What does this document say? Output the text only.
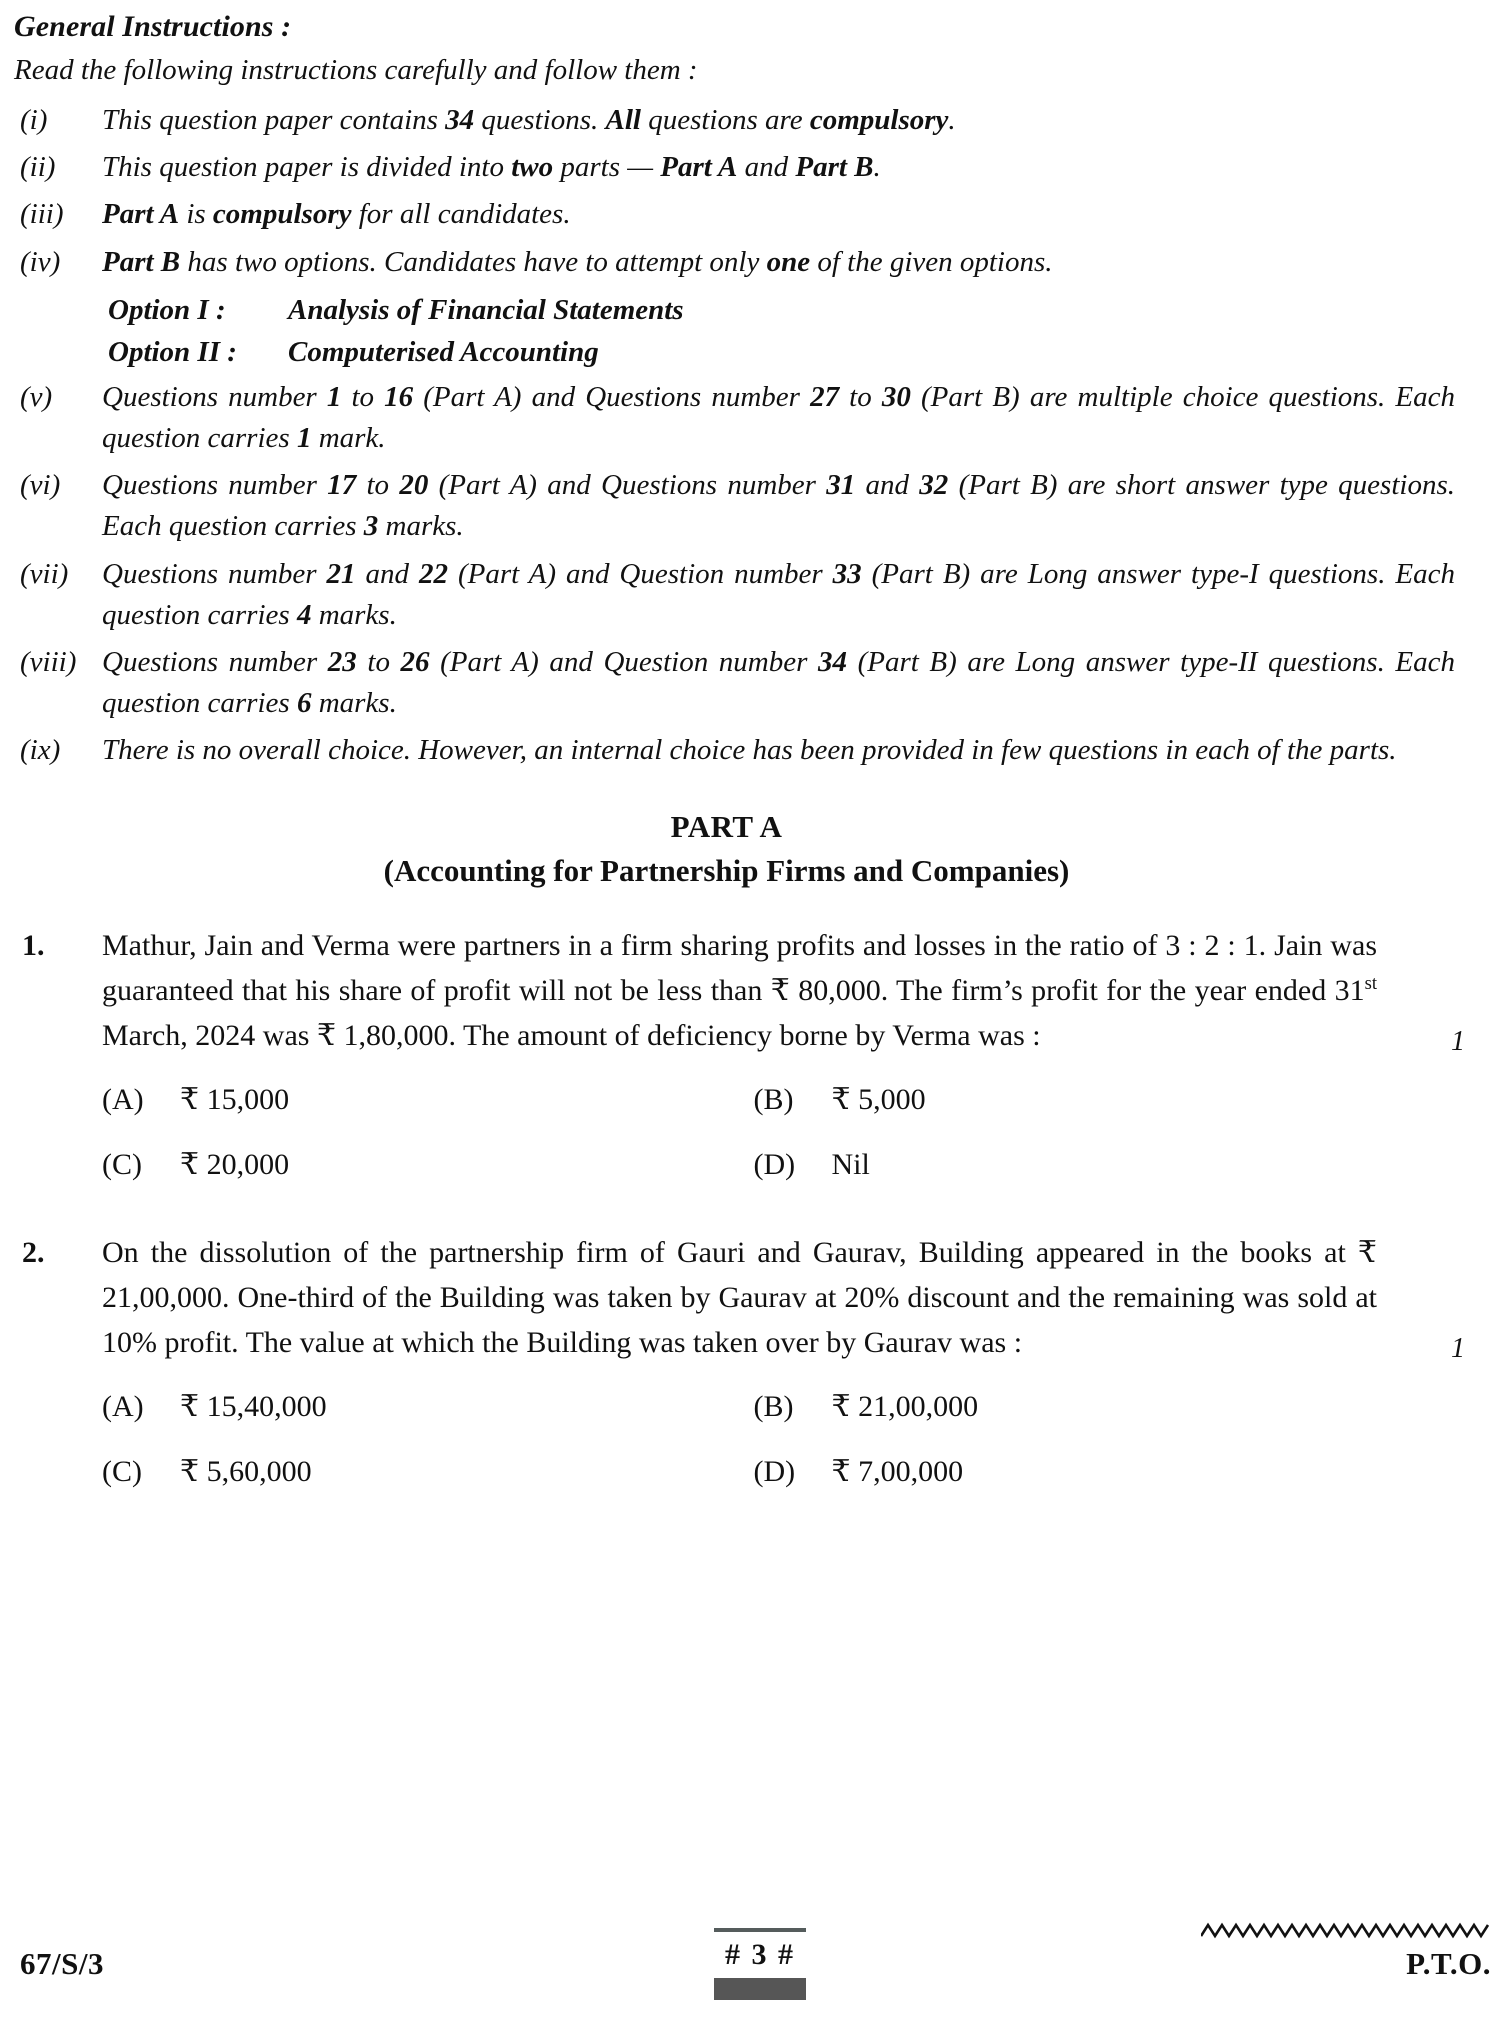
General Instructions :
Read the following instructions carefully and follow them :
(i)	This question paper contains 34 questions. All questions are compulsory.
(ii)	This question paper is divided into two parts — Part A and Part B.
(iii)	Part A is compulsory for all candidates.
(iv)	Part B has two options. Candidates have to attempt only one of the given options.
Option I :	Analysis of Financial Statements
Option II :	Computerised Accounting
(v)	Questions number 1 to 16 (Part A) and Questions number 27 to 30 (Part B) are multiple choice questions. Each question carries 1 mark.
(vi)	Questions number 17 to 20 (Part A) and Questions number 31 and 32 (Part B) are short answer type questions. Each question carries 3 marks.
(vii)	Questions number 21 and 22 (Part A) and Question number 33 (Part B) are Long answer type-I questions. Each question carries 4 marks.
(viii) Questions number 23 to 26 (Part A) and Question number 34 (Part B) are Long answer type-II questions. Each question carries 6 marks.
(ix)	There is no overall choice. However, an internal choice has been provided in few questions in each of the parts.
PART A
(Accounting for Partnership Firms and Companies)
1.	Mathur, Jain and Verma were partners in a firm sharing profits and losses in the ratio of 3 : 2 : 1. Jain was guaranteed that his share of profit will not be less than ₹ 80,000. The firm’s profit for the year ended 31st March, 2024 was ₹ 1,80,000. The amount of deficiency borne by Verma was :	1
(A)	₹ 15,000	(B)	₹ 5,000
(C)	₹ 20,000	(D)	Nil
2.	On the dissolution of the partnership firm of Gauri and Gaurav, Building appeared in the books at ₹ 21,00,000. One-third of the Building was taken by Gaurav at 20% discount and the remaining was sold at 10% profit. The value at which the Building was taken over by Gaurav was :	1
(A)	₹ 15,40,000	(B)	₹ 21,00,000
(C)	₹ 5,60,000	(D)	₹ 7,00,000
67/S/3	# 3 #	P.T.O.
